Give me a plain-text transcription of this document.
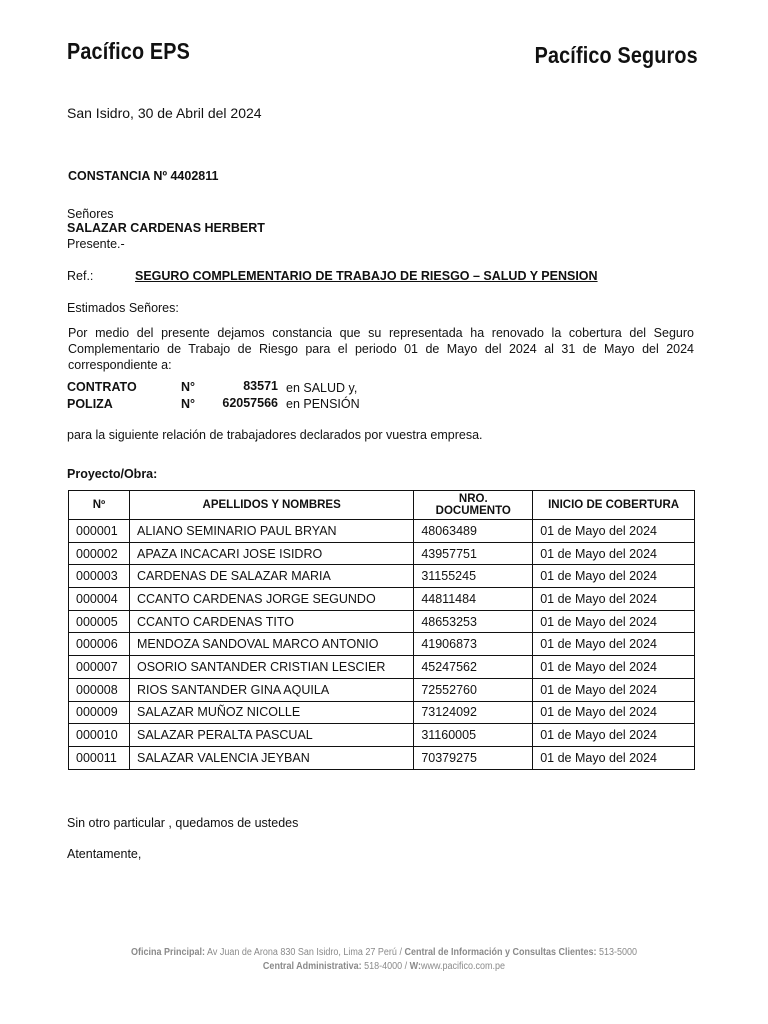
Pacífico EPS	Pacífico Seguros
San Isidro, 30 de Abril del 2024
CONSTANCIA Nº 4402811
Señores
SALAZAR CARDENAS HERBERT
Presente.-
Ref.:	SEGURO COMPLEMENTARIO DE TRABAJO DE RIESGO – SALUD Y PENSION
Estimados Señores:
Por medio del presente dejamos constancia que su representada ha renovado la cobertura del Seguro
Complementario de Trabajo de Riesgo para el periodo 01 de Mayo del 2024 al 31 de Mayo del 2024
correspondiente a:
CONTRATO	N°	83571 en SALUD y,
POLIZA	N° 62057566 en PENSIÓN
para la siguiente relación de trabajadores declarados por vuestra empresa.
Proyecto/Obra:
Nº	APELLIDOS Y NOMBRES	NRO. DOCUMENTO	INICIO DE COBERTURA
000001	ALIANO SEMINARIO PAUL BRYAN	48063489	01 de Mayo del 2024
000002	APAZA INCACARI JOSE ISIDRO	43957751	01 de Mayo del 2024
000003	CARDENAS DE SALAZAR MARIA	31155245	01 de Mayo del 2024
000004	CCANTO CARDENAS JORGE SEGUNDO	44811484	01 de Mayo del 2024
000005	CCANTO CARDENAS TITO	48653253	01 de Mayo del 2024
000006	MENDOZA SANDOVAL MARCO ANTONIO	41906873	01 de Mayo del 2024
000007	OSORIO SANTANDER CRISTIAN LESCIER	45247562	01 de Mayo del 2024
000008	RIOS SANTANDER GINA AQUILA	72552760	01 de Mayo del 2024
000009	SALAZAR MUÑOZ NICOLLE	73124092	01 de Mayo del 2024
000010	SALAZAR PERALTA PASCUAL	31160005	01 de Mayo del 2024
000011	SALAZAR VALENCIA JEYBAN	70379275	01 de Mayo del 2024
Sin otro particular , quedamos de ustedes
Atentamente,
Oficina Principal: Av Juan de Arona 830 San Isidro, Lima 27 Perú / Central de Información y Consultas Clientes: 513-5000
Central Administrativa: 518-4000 / W:www.pacifico.com.pe
